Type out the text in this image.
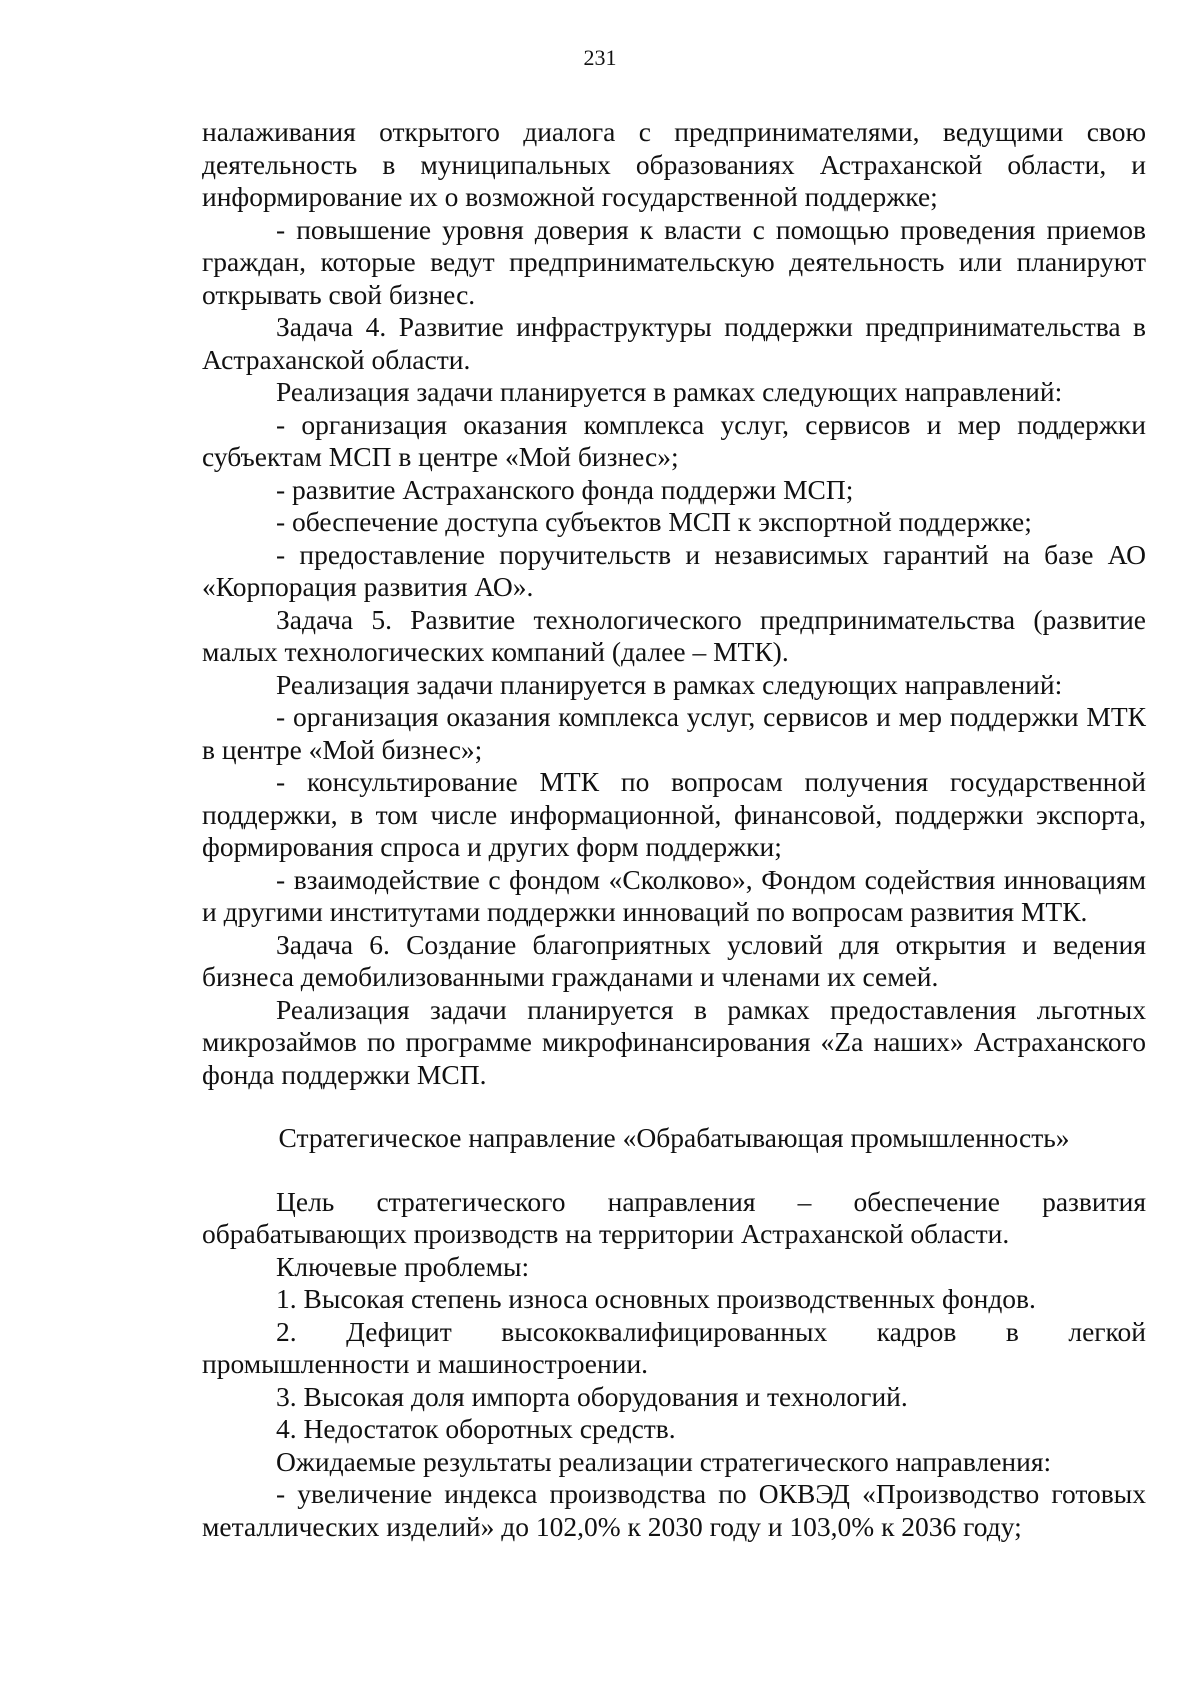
231

налаживания открытого диалога с предпринимателями, ведущими свою деятельность в муниципальных образованиях Астраханской области, и информирование их о возможной государственной поддержке;

- повышение уровня доверия к власти с помощью проведения приемов граждан, которые ведут предпринимательскую деятельность или планируют открывать свой бизнес.

Задача 4. Развитие инфраструктуры поддержки предпринимательства в Астраханской области.

Реализация задачи планируется в рамках следующих направлений:

- организация оказания комплекса услуг, сервисов и мер поддержки субъектам МСП в центре «Мой бизнес»;

- развитие Астраханского фонда поддержи МСП;

- обеспечение доступа субъектов МСП к экспортной поддержке;

- предоставление поручительств и независимых гарантий на базе АО «Корпорация развития АО».

Задача 5. Развитие технологического предпринимательства (развитие малых технологических компаний (далее – МТК).

Реализация задачи планируется в рамках следующих направлений:

- организация оказания комплекса услуг, сервисов и мер поддержки МТК в центре «Мой бизнес»;

- консультирование МТК по вопросам получения государственной поддержки, в том числе информационной, финансовой, поддержки экспорта, формирования спроса и других форм поддержки;

- взаимодействие с фондом «Сколково», Фондом содействия инновациям и другими институтами поддержки инноваций по вопросам развития МТК.

Задача 6. Создание благоприятных условий для открытия и ведения бизнеса демобилизованными гражданами и членами их семей.

Реализация задачи планируется в рамках предоставления льготных микрозаймов по программе микрофинансирования «Za наших» Астраханского фонда поддержки МСП.

Стратегическое направление «Обрабатывающая промышленность»

Цель стратегического направления – обеспечение развития обрабатывающих производств на территории Астраханской области.

Ключевые проблемы:

1. Высокая степень износа основных производственных фондов.

2. Дефицит высококвалифицированных кадров в легкой промышленности и машиностроении.

3. Высокая доля импорта оборудования и технологий.

4. Недостаток оборотных средств.

Ожидаемые результаты реализации стратегического направления:

- увеличение индекса производства по ОКВЭД «Производство готовых металлических изделий» до 102,0% к 2030 году и 103,0% к 2036 году;
